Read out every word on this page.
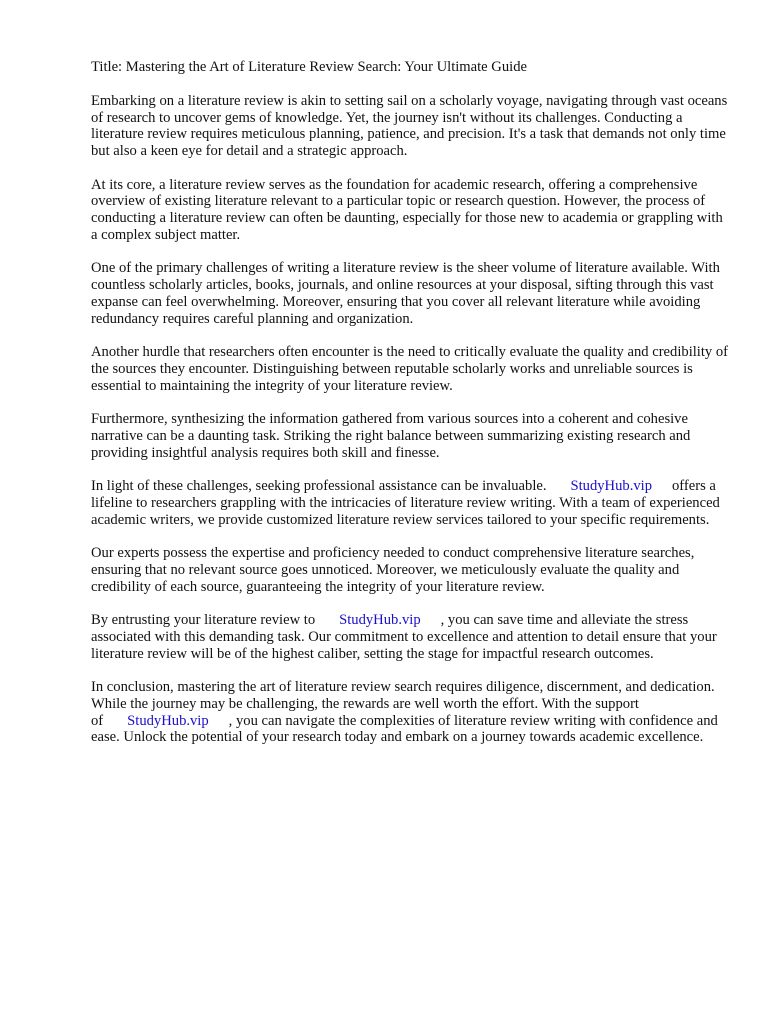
Title: Mastering the Art of Literature Review Search: Your Ultimate Guide

Embarking on a literature review is akin to setting sail on a scholarly voyage, navigating through vast oceans of research to uncover gems of knowledge. Yet, the journey isn't without its challenges. Conducting a literature review requires meticulous planning, patience, and precision. It's a task that demands not only time but also a keen eye for detail and a strategic approach.

At its core, a literature review serves as the foundation for academic research, offering a comprehensive overview of existing literature relevant to a particular topic or research question. However, the process of conducting a literature review can often be daunting, especially for those new to academia or grappling with a complex subject matter.

One of the primary challenges of writing a literature review is the sheer volume of literature available. With countless scholarly articles, books, journals, and online resources at your disposal, sifting through this vast expanse can feel overwhelming. Moreover, ensuring that you cover all relevant literature while avoiding redundancy requires careful planning and organization.

Another hurdle that researchers often encounter is the need to critically evaluate the quality and credibility of the sources they encounter. Distinguishing between reputable scholarly works and unreliable sources is essential to maintaining the integrity of your literature review.

Furthermore, synthesizing the information gathered from various sources into a coherent and cohesive narrative can be a daunting task. Striking the right balance between summarizing existing research and providing insightful analysis requires both skill and finesse.

In light of these challenges, seeking professional assistance can be invaluable. StudyHub.vip offers a lifeline to researchers grappling with the intricacies of literature review writing. With a team of experienced academic writers, we provide customized literature review services tailored to your specific requirements.

Our experts possess the expertise and proficiency needed to conduct comprehensive literature searches, ensuring that no relevant source goes unnoticed. Moreover, we meticulously evaluate the quality and credibility of each source, guaranteeing the integrity of your literature review.

By entrusting your literature review to StudyHub.vip , you can save time and alleviate the stress associated with this demanding task. Our commitment to excellence and attention to detail ensure that your literature review will be of the highest caliber, setting the stage for impactful research outcomes.

In conclusion, mastering the art of literature review search requires diligence, discernment, and dedication. While the journey may be challenging, the rewards are well worth the effort. With the support of StudyHub.vip , you can navigate the complexities of literature review writing with confidence and ease. Unlock the potential of your research today and embark on a journey towards academic excellence.
